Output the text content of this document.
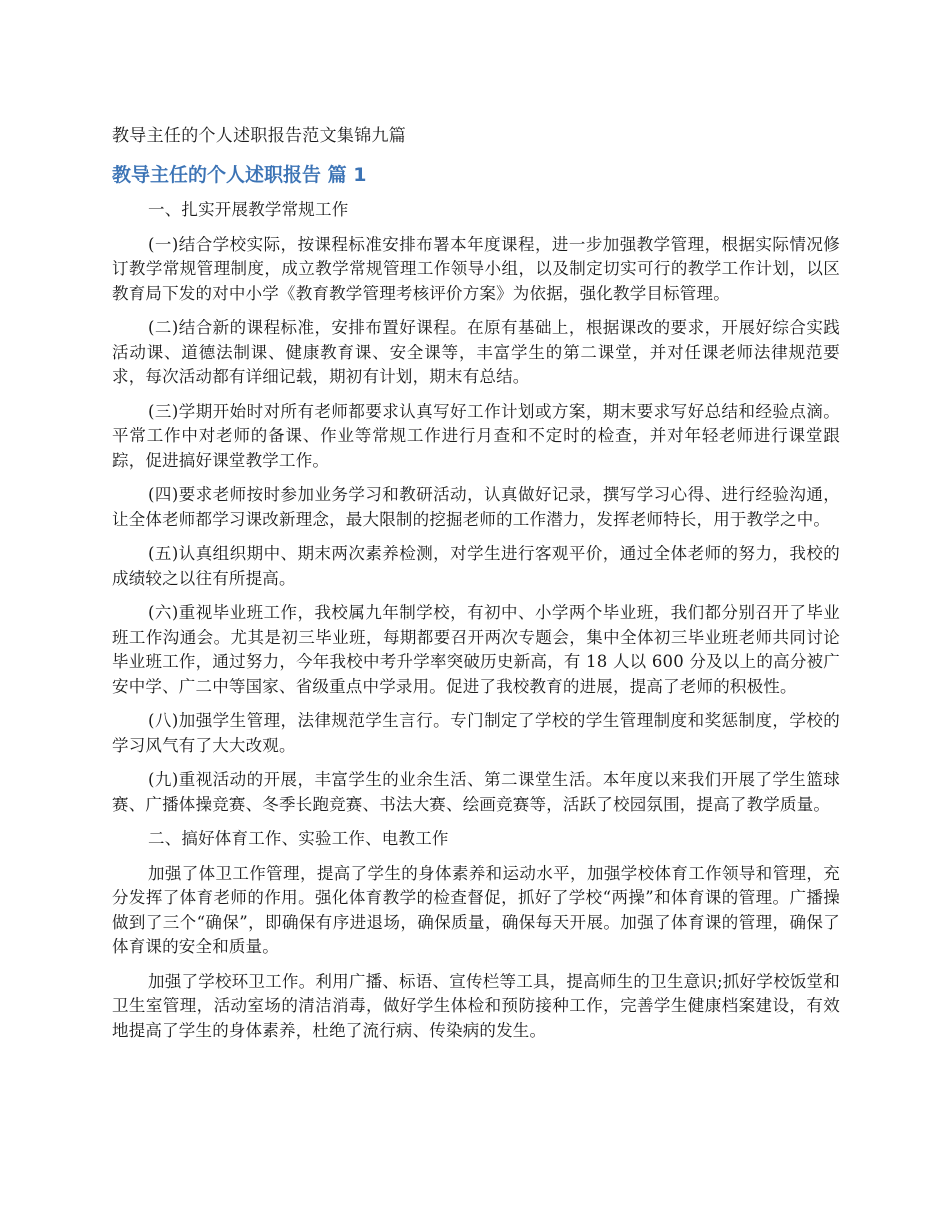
教导主任的个人述职报告范文集锦九篇
教导主任的个人述职报告 篇 1

一、扎实开展教学常规工作

(一)结合学校实际，按课程标准安排布署本年度课程，进一步加强教学管理，根据实际情况修订教学常规管理制度，成立教学常规管理工作领导小组，以及制定切实可行的教学工作计划，以区教育局下发的对中小学《教育教学管理考核评价方案》为依据，强化教学目标管理。

(二)结合新的课程标准，安排布置好课程。在原有基础上，根据课改的要求，开展好综合实践活动课、道德法制课、健康教育课、安全课等，丰富学生的第二课堂，并对任课老师法律规范要求，每次活动都有详细记载，期初有计划，期末有总结。

(三)学期开始时对所有老师都要求认真写好工作计划或方案，期末要求写好总结和经验点滴。平常工作中对老师的备课、作业等常规工作进行月查和不定时的检查，并对年轻老师进行课堂跟踪，促进搞好课堂教学工作。

(四)要求老师按时参加业务学习和教研活动，认真做好记录，撰写学习心得、进行经验沟通，让全体老师都学习课改新理念，最大限制的挖掘老师的工作潜力，发挥老师特长，用于教学之中。

(五)认真组织期中、期末两次素养检测，对学生进行客观平价，通过全体老师的努力，我校的成绩较之以往有所提高。

(六)重视毕业班工作，我校属九年制学校，有初中、小学两个毕业班，我们都分别召开了毕业班工作沟通会。尤其是初三毕业班，每期都要召开两次专题会，集中全体初三毕业班老师共同讨论毕业班工作，通过努力，今年我校中考升学率突破历史新高，有 18 人以 600 分及以上的高分被广安中学、广二中等国家、省级重点中学录用。促进了我校教育的进展，提高了老师的积极性。

(八)加强学生管理，法律规范学生言行。专门制定了学校的学生管理制度和奖惩制度，学校的学习风气有了大大改观。

(九)重视活动的开展，丰富学生的业余生活、第二课堂生活。本年度以来我们开展了学生篮球赛、广播体操竞赛、冬季长跑竞赛、书法大赛、绘画竞赛等，活跃了校园氛围，提高了教学质量。

二、搞好体育工作、实验工作、电教工作

加强了体卫工作管理，提高了学生的身体素养和运动水平，加强学校体育工作领导和管理，充分发挥了体育老师的作用。强化体育教学的检查督促，抓好了学校“两操”和体育课的管理。广播操做到了三个“确保”，即确保有序进退场，确保质量，确保每天开展。加强了体育课的管理，确保了体育课的安全和质量。

加强了学校环卫工作。利用广播、标语、宣传栏等工具，提高师生的卫生意识;抓好学校饭堂和卫生室管理，活动室场的清洁消毒，做好学生体检和预防接种工作，完善学生健康档案建设，有效地提高了学生的身体素养，杜绝了流行病、传染病的发生。
